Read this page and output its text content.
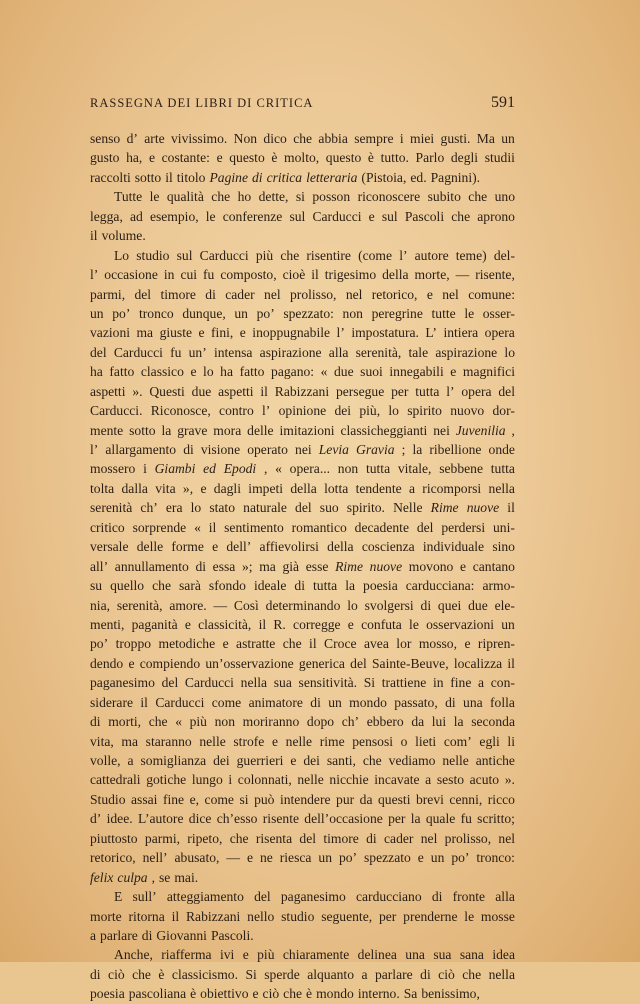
RASSEGNA DEI LIBRI DI CRITICA	591
senso d’ arte vivissimo. Non dico che abbia sempre i miei gusti. Ma un
gusto ha, e costante: e questo è molto, questo è tutto. Parlo degli studii
raccolti sotto il titolo Pagine di critica letteraria (Pistoia, ed. Pagnini).
Tutte le qualità che ho dette, si posson riconoscere subito che uno
legga, ad esempio, le conferenze sul Carducci e sul Pascoli che aprono
il volume.
Lo studio sul Carducci più che risentire (come l’ autore teme) del-
l’ occasione in cui fu composto, cioè il trigesimo della morte, — risente,
parmi, del timore di cader nel prolisso, nel retorico, e nel comune:
un po’ tronco dunque, un po’ spezzato: non peregrine tutte le osser-
vazioni ma giuste e fini, e inoppugnabile l’ impostatura. L’ intiera opera
del Carducci fu un’ intensa aspirazione alla serenità, tale aspirazione lo
ha fatto classico e lo ha fatto pagano: « due suoi innegabili e magnifici
aspetti ». Questi due aspetti il Rabizzani persegue per tutta l’ opera del
Carducci. Riconosce, contro l’ opinione dei più, lo spirito nuovo dor-
mente sotto la grave mora delle imitazioni classicheggianti nei Juvenilia ,
l’ allargamento di visione operato nei Levia Gravia ; la ribellione onde
mossero i Giambi ed Epodi , « opera... non tutta vitale, sebbene tutta
tolta dalla vita », e dagli impeti della lotta tendente a ricomporsi nella
serenità ch’ era lo stato naturale del suo spirito. Nelle Rime nuove il
critico sorprende « il sentimento romantico decadente del perdersi uni-
versale delle forme e dell’ affievolirsi della coscienza individuale sino
all’ annullamento di essa »; ma già esse Rime nuove movono e cantano
su quello che sarà sfondo ideale di tutta la poesia carducciana: armo-
nia, serenità, amore. — Così determinando lo svolgersi di quei due ele-
menti, paganità e classicità, il R. corregge e confuta le osservazioni un
po’ troppo metodiche e astratte che il Croce avea lor mosso, e ripren-
dendo e compiendo un’osservazione generica del Sainte-Beuve, localizza il
paganesimo del Carducci nella sua sensitività. Si trattiene in fine a con-
siderare il Carducci come animatore di un mondo passato, di una folla
di morti, che « più non moriranno dopo ch’ ebbero da lui la seconda
vita, ma staranno nelle strofe e nelle rime pensosi o lieti com’ egli li
volle, a somiglianza dei guerrieri e dei santi, che vediamo nelle antiche
cattedrali gotiche lungo i colonnati, nelle nicchie incavate a sesto acuto ».
Studio assai fine e, come si può intendere pur da questi brevi cenni, ricco
d’ idee. L’autore dice ch’esso risente dell’occasione per la quale fu scritto;
piuttosto parmi, ripeto, che risenta del timore di cader nel prolisso, nel
retorico, nell’ abusato, — e ne riesca un po’ spezzato e un po’ tronco:
felix culpa , se mai.
E sull’ atteggiamento del paganesimo carducciano di fronte alla
morte ritorna il Rabizzani nello studio seguente, per prenderne le mosse
a parlare di Giovanni Pascoli.
Anche, riafferma ivi e più chiaramente delinea una sua sana idea
di ciò che è classicismo. Si sperde alquanto a parlare di ciò che nella
poesia pascoliana è obiettivo e ciò che è mondo interno. Sa benissimo,
